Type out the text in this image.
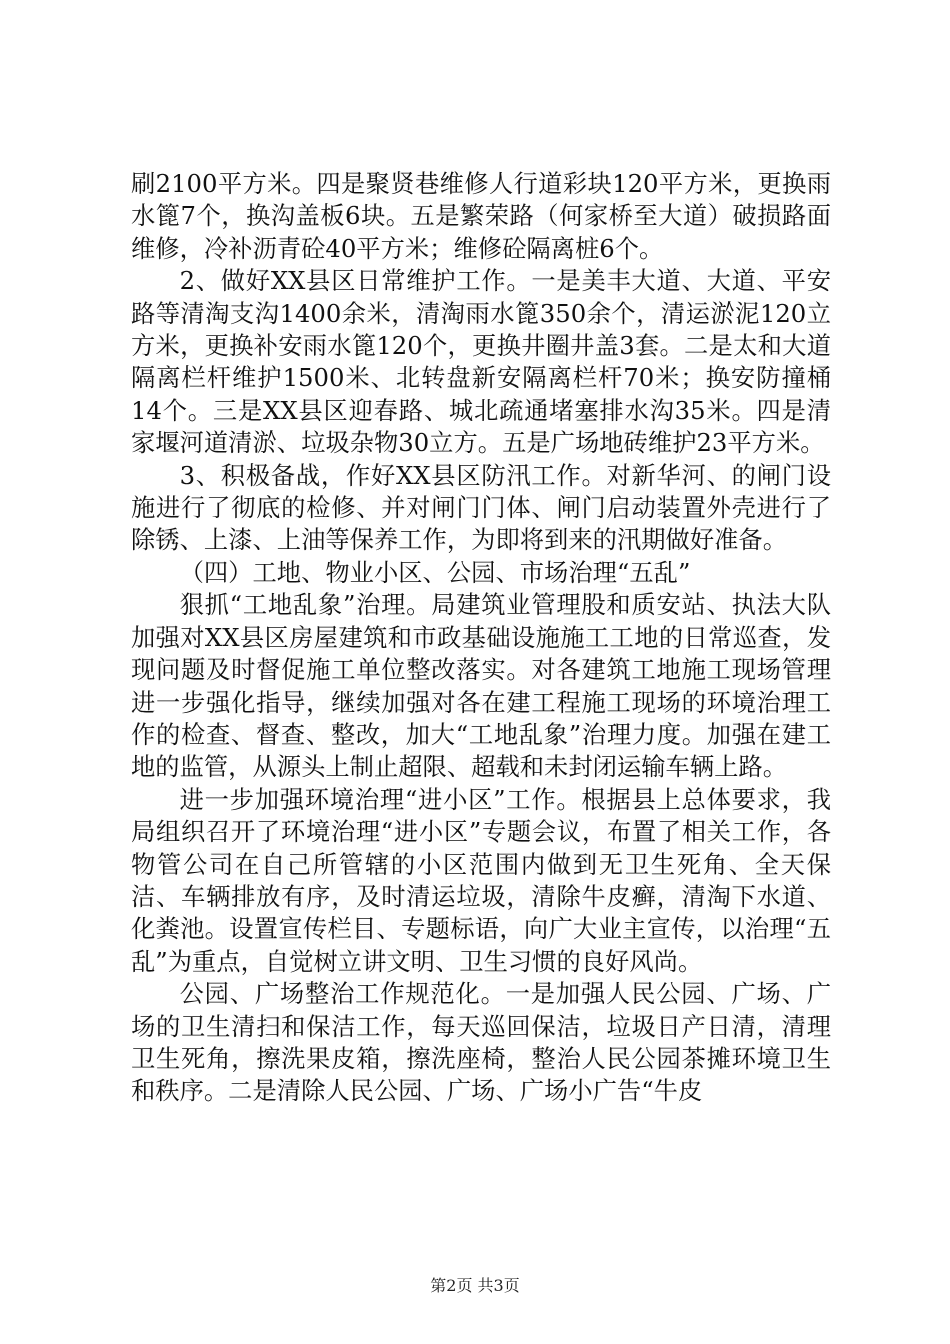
刷2100平方米。四是聚贤巷维修人行道彩块120平方米，更换雨水篦7个，换沟盖板6块。五是繁荣路（何家桥至大道）破损路面维修，冷补沥青砼40平方米；维修砼隔离桩6个。

2、做好XX县区日常维护工作。一是美丰大道、大道、平安路等清淘支沟1400余米，清淘雨水篦350余个，清运淤泥120立方米，更换补安雨水篦120个，更换井圈井盖3套。二是太和大道隔离栏杆维护1500米、北转盘新安隔离栏杆70米；换安防撞桶14个。三是XX县区迎春路、城北疏通堵塞排水沟35米。四是清家堰河道清淤、垃圾杂物30立方。五是广场地砖维护23平方米。

3、积极备战，作好XX县区防汛工作。对新华河、的闸门设施进行了彻底的检修、并对闸门门体、闸门启动装置外壳进行了除锈、上漆、上油等保养工作，为即将到来的汛期做好准备。

（四）工地、物业小区、公园、市场治理“五乱”

狠抓“工地乱象”治理。局建筑业管理股和质安站、执法大队加强对XX县区房屋建筑和市政基础设施施工工地的日常巡查，发现问题及时督促施工单位整改落实。对各建筑工地施工现场管理进一步强化指导，继续加强对各在建工程施工现场的环境治理工作的检查、督查、整改，加大“工地乱象”治理力度。加强在建工地的监管，从源头上制止超限、超载和未封闭运输车辆上路。

进一步加强环境治理“进小区”工作。根据县上总体要求，我局组织召开了环境治理“进小区”专题会议，布置了相关工作，各物管公司在自己所管辖的小区范围内做到无卫生死角、全天保洁、车辆排放有序，及时清运垃圾，清除牛皮癣，清淘下水道、化粪池。设置宣传栏目、专题标语，向广大业主宣传，以治理“五乱”为重点，自觉树立讲文明、卫生习惯的良好风尚。

公园、广场整治工作规范化。一是加强人民公园、广场、广场的卫生清扫和保洁工作，每天巡回保洁，垃圾日产日清，清理卫生死角，擦洗果皮箱，擦洗座椅，整治人民公园茶摊环境卫生和秩序。二是清除人民公园、广场、广场小广告“牛皮

第2页 共3页
